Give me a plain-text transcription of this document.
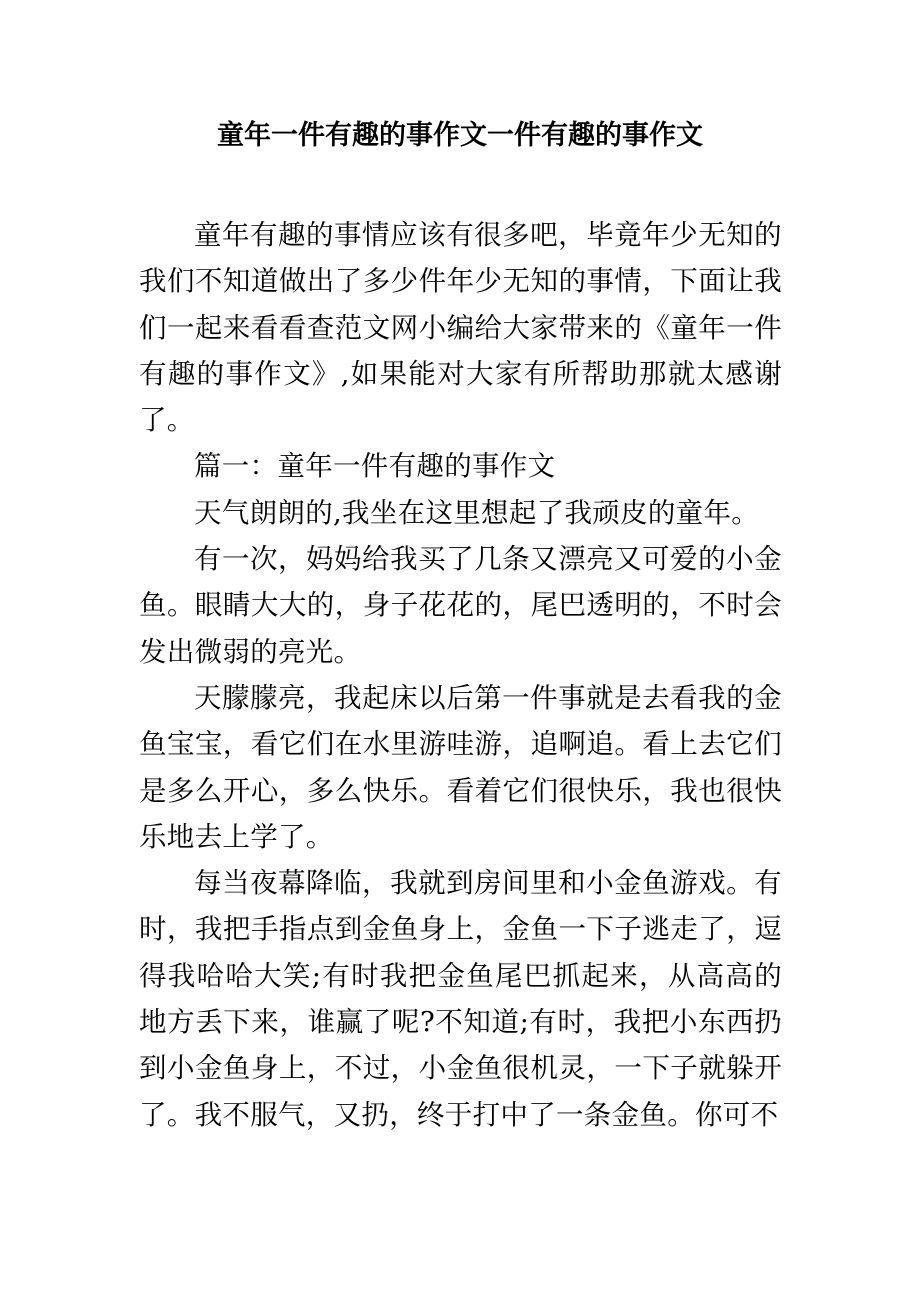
童年一件有趣的事作文一件有趣的事作文

童年有趣的事情应该有很多吧，毕竟年少无知的我们不知道做出了多少件年少无知的事情，下面让我们一起来看看查范文网小编给大家带来的《童年一件有趣的事作文》,如果能对大家有所帮助那就太感谢了。

篇一：童年一件有趣的事作文

天气朗朗的,我坐在这里想起了我顽皮的童年。

有一次，妈妈给我买了几条又漂亮又可爱的小金鱼。眼睛大大的，身子花花的，尾巴透明的，不时会发出微弱的亮光。

天朦朦亮，我起床以后第一件事就是去看我的金鱼宝宝，看它们在水里游哇游，追啊追。看上去它们是多么开心，多么快乐。看着它们很快乐，我也很快乐地去上学了。

每当夜幕降临，我就到房间里和小金鱼游戏。有时，我把手指点到金鱼身上，金鱼一下子逃走了，逗得我哈哈大笑;有时我把金鱼尾巴抓起来，从高高的地方丢下来，谁赢了呢?不知道;有时，我把小东西扔到小金鱼身上，不过，小金鱼很机灵，一下子就躲开了。我不服气，又扔，终于打中了一条金鱼。你可不
